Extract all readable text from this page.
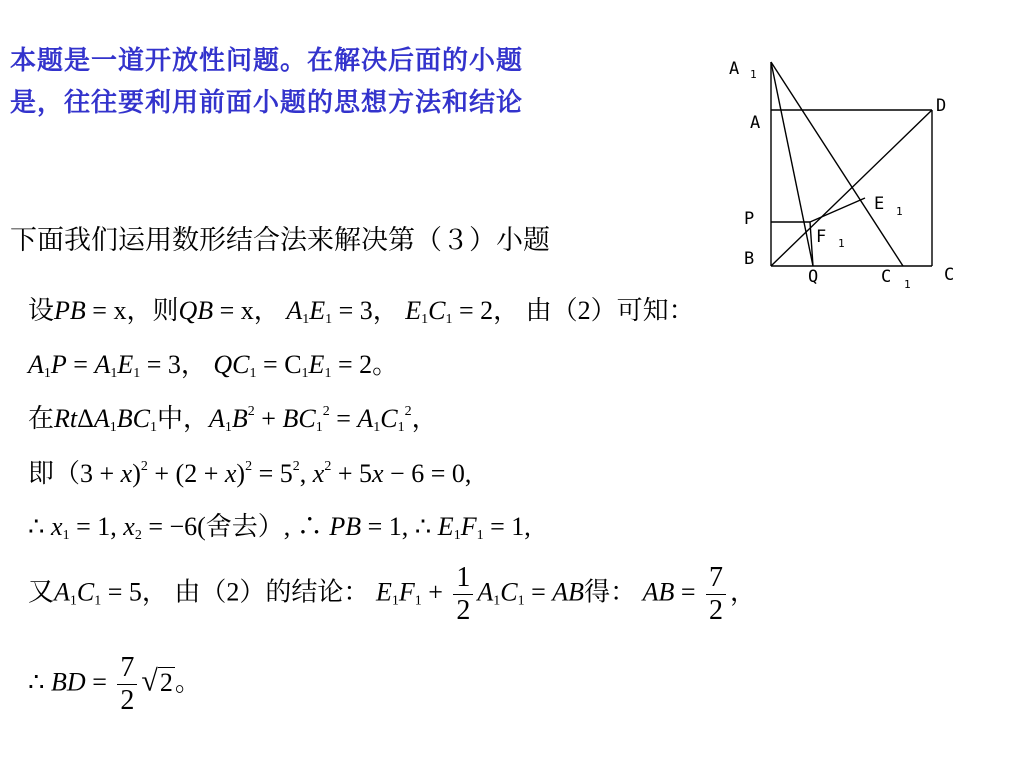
本题是一道开放性问题。在解决后面的小题
是，往往要利用前面小题的思想方法和结论
下面我们运用数形结合法来解决第（３）小题
A 1
A
D
E 1
P
F 1
B
Q	C 1 C
设PB = x，则QB = x， $A_1E_1 = 3$， $E_1C_1 = 2$， 由（2）可知：
$A_1P = A_1E_1 = 3$， $QC_1 = C_1E_1 = 2$。
在$Rt\Delta A_1BC_1$中，$A_1B^2 + BC_1^2 = A_1C_1^2$，
即$(3 + x)^2 + (2 + x)^2 = 5^2$, $x^2 + 5x - 6 = 0$,
∴ $x_1 = 1$, $x_2 = -6$(舍去）, ∴ PB = 1, ∴ $E_1F_1 = 1$,
又$A_1C_1 = 5$， 由（2）的结论： $E_1F_1 + \frac{1}{2} A_1C_1$ = AB得： AB = $\frac{7}{2}$ ，
∴ BD = $\frac{7}{2} √2$。
